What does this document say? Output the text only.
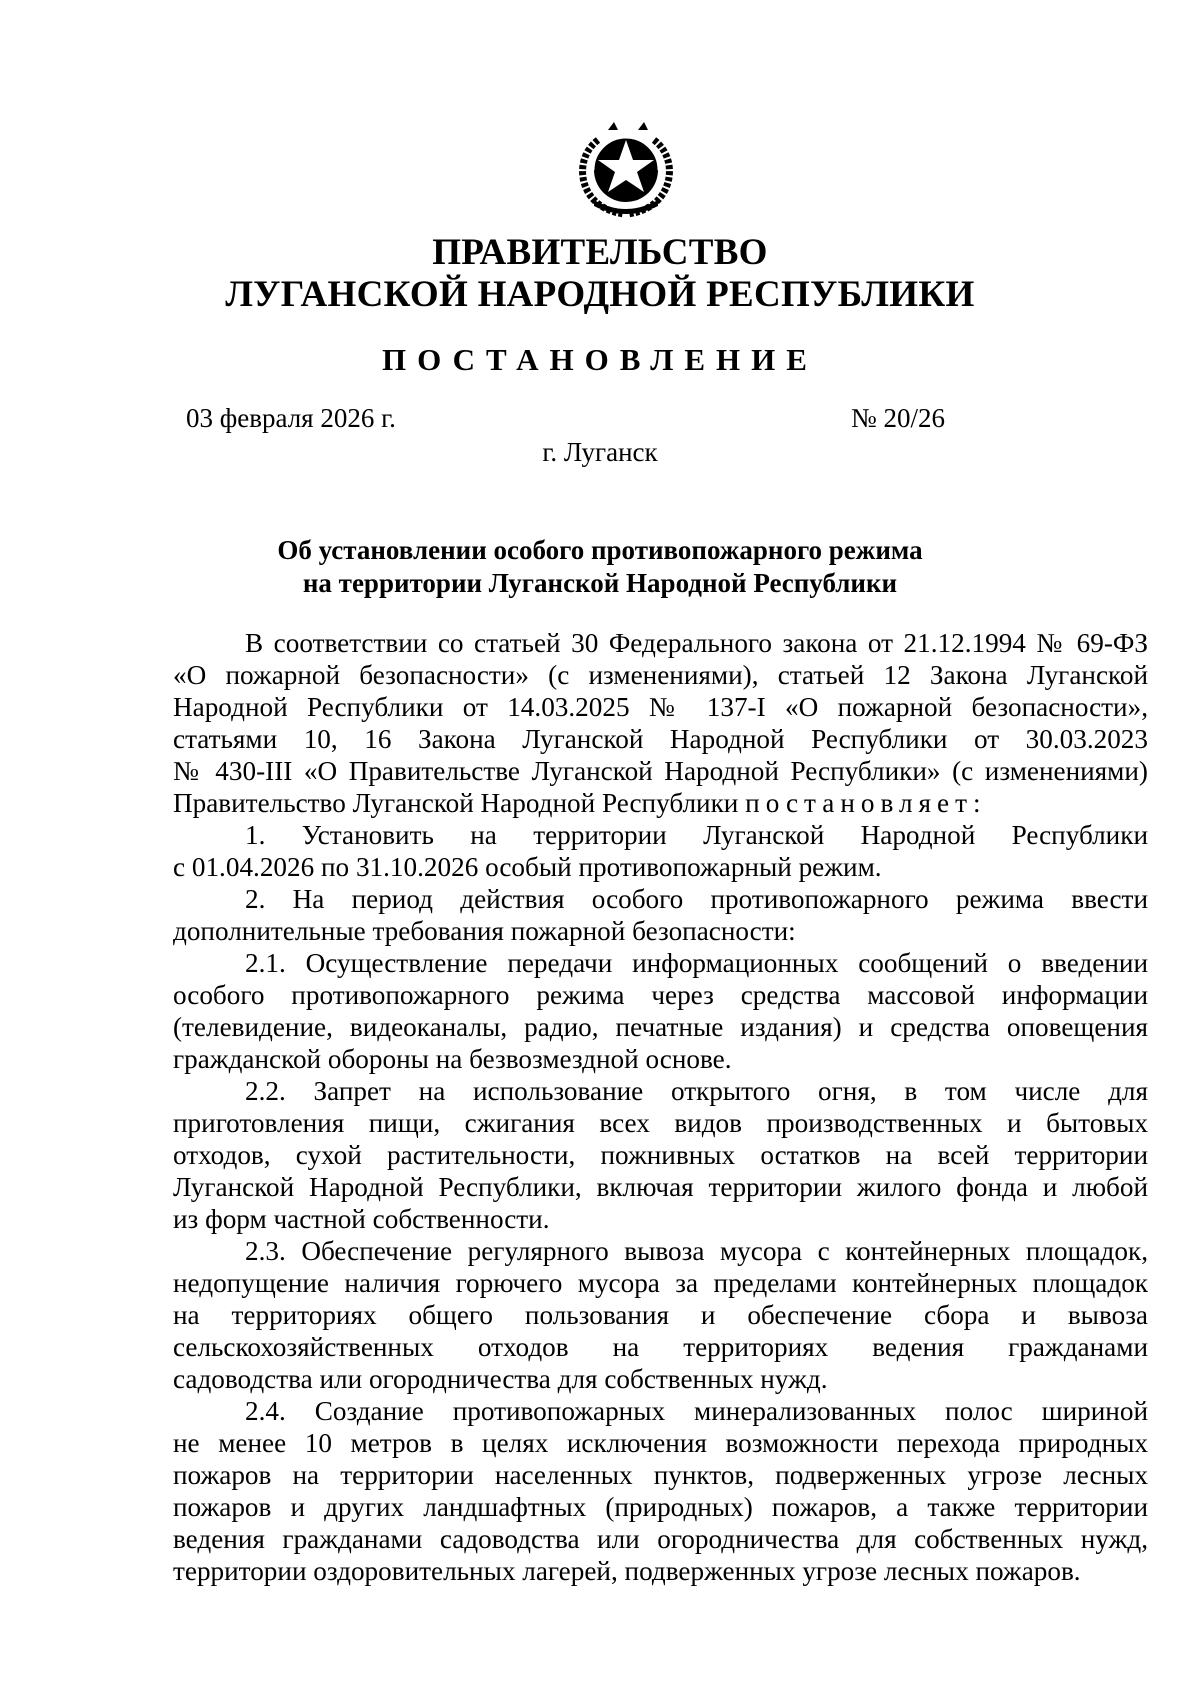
ПРАВИТЕЛЬСТВО
ЛУГАНСКОЙ НАРОДНОЙ РЕСПУБЛИКИ
ПОСТАНОВЛЕНИЕ
03 февраля 2026 г.	№ 20/26
г. Луганск
Об установлении особого противопожарного режима
на территории Луганской Народной Республики
В соответствии со статьей 30 Федерального закона от 21.12.1994 № 69-ФЗ
«О пожарной безопасности» (с изменениями), статьей 12 Закона Луганской
Народной Республики от 14.03.2025 № 137-I «О пожарной безопасности»,
статьями 10, 16 Закона Луганской Народной Республики от 30.03.2023
№ 430-III «О Правительстве Луганской Народной Республики» (с изменениями)
Правительство Луганской Народной Республики постановляет:
1. Установить на территории Луганской Народной Республики
с 01.04.2026 по 31.10.2026 особый противопожарный режим.
2. На период действия особого противопожарного режима ввести
дополнительные требования пожарной безопасности:
2.1. Осуществление передачи информационных сообщений о введении
особого противопожарного режима через средства массовой информации
(телевидение, видеоканалы, радио, печатные издания) и средства оповещения
гражданской обороны на безвозмездной основе.
2.2. Запрет на использование открытого огня, в том числе для
приготовления пищи, сжигания всех видов производственных и бытовых
отходов, сухой растительности, пожнивных остатков на всей территории
Луганской Народной Республики, включая территории жилого фонда и любой
из форм частной собственности.
2.3. Обеспечение регулярного вывоза мусора с контейнерных площадок,
недопущение наличия горючего мусора за пределами контейнерных площадок
на территориях общего пользования и обеспечение сбора и вывоза
сельскохозяйственных отходов на территориях ведения гражданами
садоводства или огородничества для собственных нужд.
2.4. Создание противопожарных минерализованных полос шириной
не менее 10 метров в целях исключения возможности перехода природных
пожаров на территории населенных пунктов, подверженных угрозе лесных
пожаров и других ландшафтных (природных) пожаров, а также территории
ведения гражданами садоводства или огородничества для собственных нужд,
территории оздоровительных лагерей, подверженных угрозе лесных пожаров.
